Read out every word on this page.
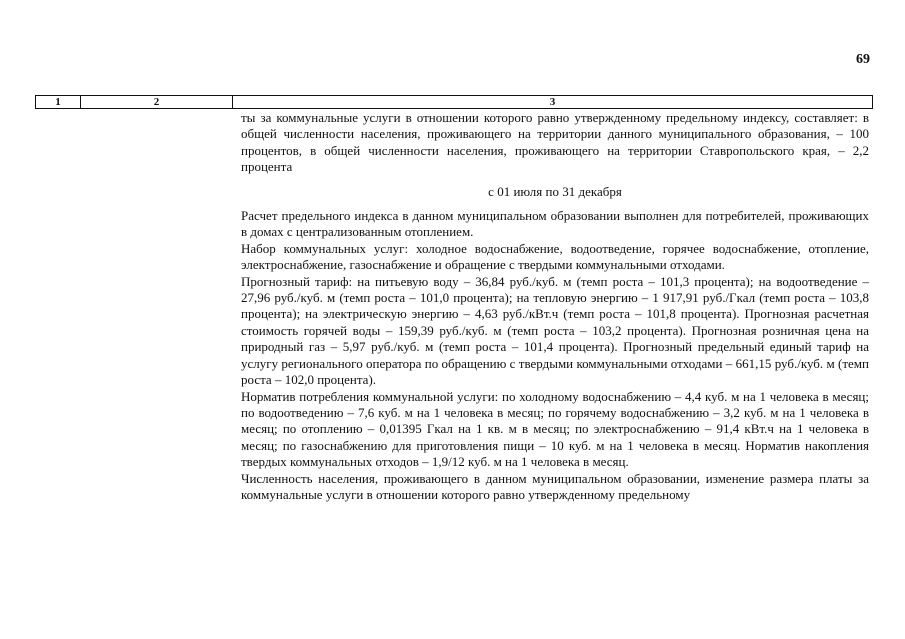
69
1	2	3

ты за коммунальные услуги в отношении которого равно утвержденному предельному индексу, составляет: в общей численности населения, проживающего на территории данного муниципального образования, – 100 процентов, в общей численности населения, проживающего на территории Ставропольского края, – 2,2 процента

с 01 июля по 31 декабря

Расчет предельного индекса в данном муниципальном образовании выполнен для потребителей, проживающих в домах с централизованным отоплением.

Набор коммунальных услуг: холодное водоснабжение, водоотведение, горячее водоснабжение, отопление, электроснабжение, газоснабжение и обращение с твердыми коммунальными отходами.

Прогнозный тариф: на питьевую воду – 36,84 руб./куб. м (темп роста – 101,3 процента); на водоотведение – 27,96 руб./куб. м (темп роста – 101,0 процента); на тепловую энергию – 1 917,91 руб./Гкал (темп роста – 103,8 процента); на электрическую энергию – 4,63 руб./кВт.ч (темп роста – 101,8 процента). Прогнозная расчетная стоимость горячей воды – 159,39 руб./куб. м (темп роста – 103,2 процента). Прогнозная розничная цена на природный газ – 5,97 руб./куб. м (темп роста – 101,4 процента). Прогнозный предельный единый тариф на услугу регионального оператора по обращению с твердыми коммунальными отходами – 661,15 руб./куб. м (темп роста – 102,0 процента).

Норматив потребления коммунальной услуги: по холодному водоснабжению – 4,4 куб. м на 1 человека в месяц; по водоотведению – 7,6 куб. м на 1 человека в месяц; по горячему водоснабжению – 3,2 куб. м на 1 человека в месяц; по отоплению – 0,01395 Гкал на 1 кв. м в месяц; по электроснабжению – 91,4 кВт.ч на 1 человека в месяц; по газоснабжению для приготовления пищи – 10 куб. м на 1 человека в месяц. Норматив накопления твердых коммунальных отходов – 1,9/12 куб. м на 1 человека в месяц.

Численность населения, проживающего в данном муниципальном образовании, изменение размера платы за коммунальные услуги в отношении которого равно утвержденному предельному
